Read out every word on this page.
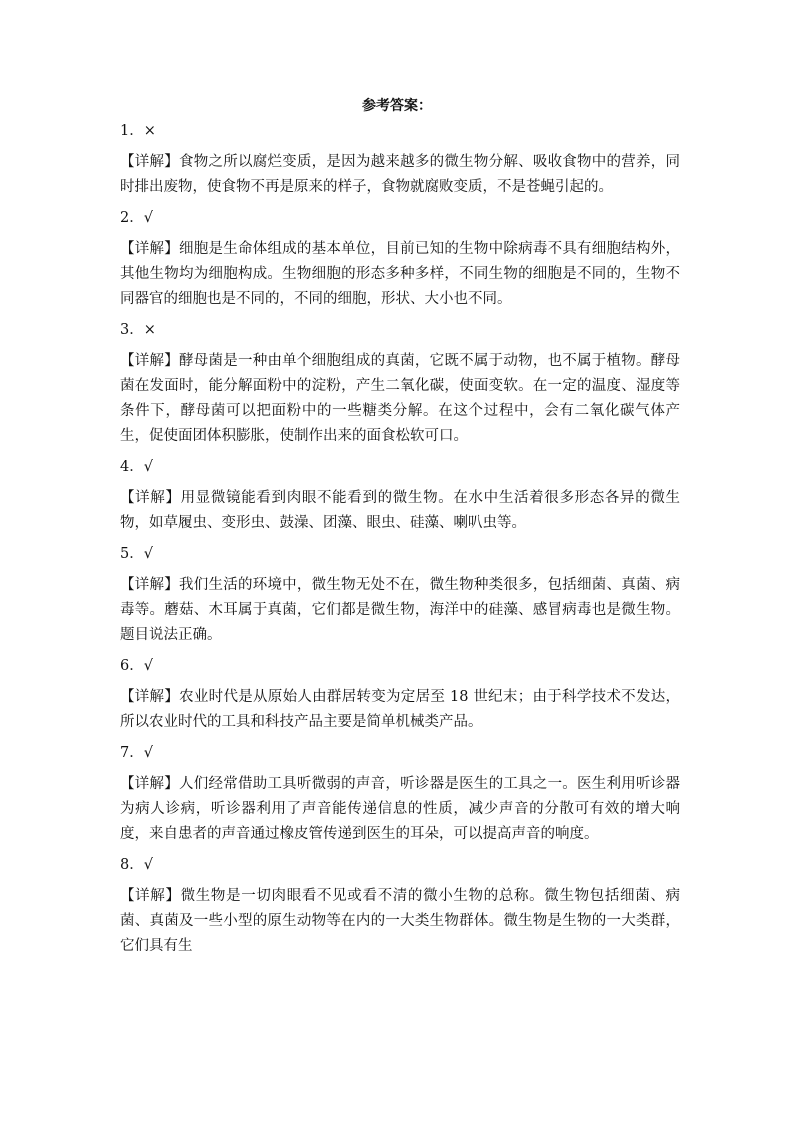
参考答案：
1．×

【详解】食物之所以腐烂变质，是因为越来越多的微生物分解、吸收食物中的营养，同时排出废物，使食物不再是原来的样子，食物就腐败变质，不是苍蝇引起的。

2．√

【详解】细胞是生命体组成的基本单位，目前已知的生物中除病毒不具有细胞结构外，其他生物均为细胞构成。生物细胞的形态多种多样，不同生物的细胞是不同的，生物不同器官的细胞也是不同的，不同的细胞，形状、大小也不同。

3．×

【详解】酵母菌是一种由单个细胞组成的真菌，它既不属于动物，也不属于植物。酵母菌在发面时，能分解面粉中的淀粉，产生二氧化碳，使面变软。在一定的温度、湿度等条件下，酵母菌可以把面粉中的一些糖类分解。在这个过程中，会有二氧化碳气体产生，促使面团体积膨胀，使制作出来的面食松软可口。

4．√

【详解】用显微镜能看到肉眼不能看到的微生物。在水中生活着很多形态各异的微生物，如草履虫、变形虫、鼓澡、团藻、眼虫、硅藻、喇叭虫等。

5．√

【详解】我们生活的环境中，微生物无处不在，微生物种类很多，包括细菌、真菌、病毒等。蘑菇、木耳属于真菌，它们都是微生物，海洋中的硅藻、感冒病毒也是微生物。题目说法正确。

6．√

【详解】农业时代是从原始人由群居转变为定居至 18 世纪末；由于科学技术不发达，所以农业时代的工具和科技产品主要是简单机械类产品。

7．√

【详解】人们经常借助工具听微弱的声音，听诊器是医生的工具之一。医生利用听诊器为病人诊病，听诊器利用了声音能传递信息的性质，减少声音的分散可有效的增大响度，来自患者的声音通过橡皮管传递到医生的耳朵，可以提高声音的响度。

8．√

【详解】微生物是一切肉眼看不见或看不清的微小生物的总称。微生物包括细菌、病菌、真菌及一些小型的原生动物等在内的一大类生物群体。微生物是生物的一大类群，它们具有生
